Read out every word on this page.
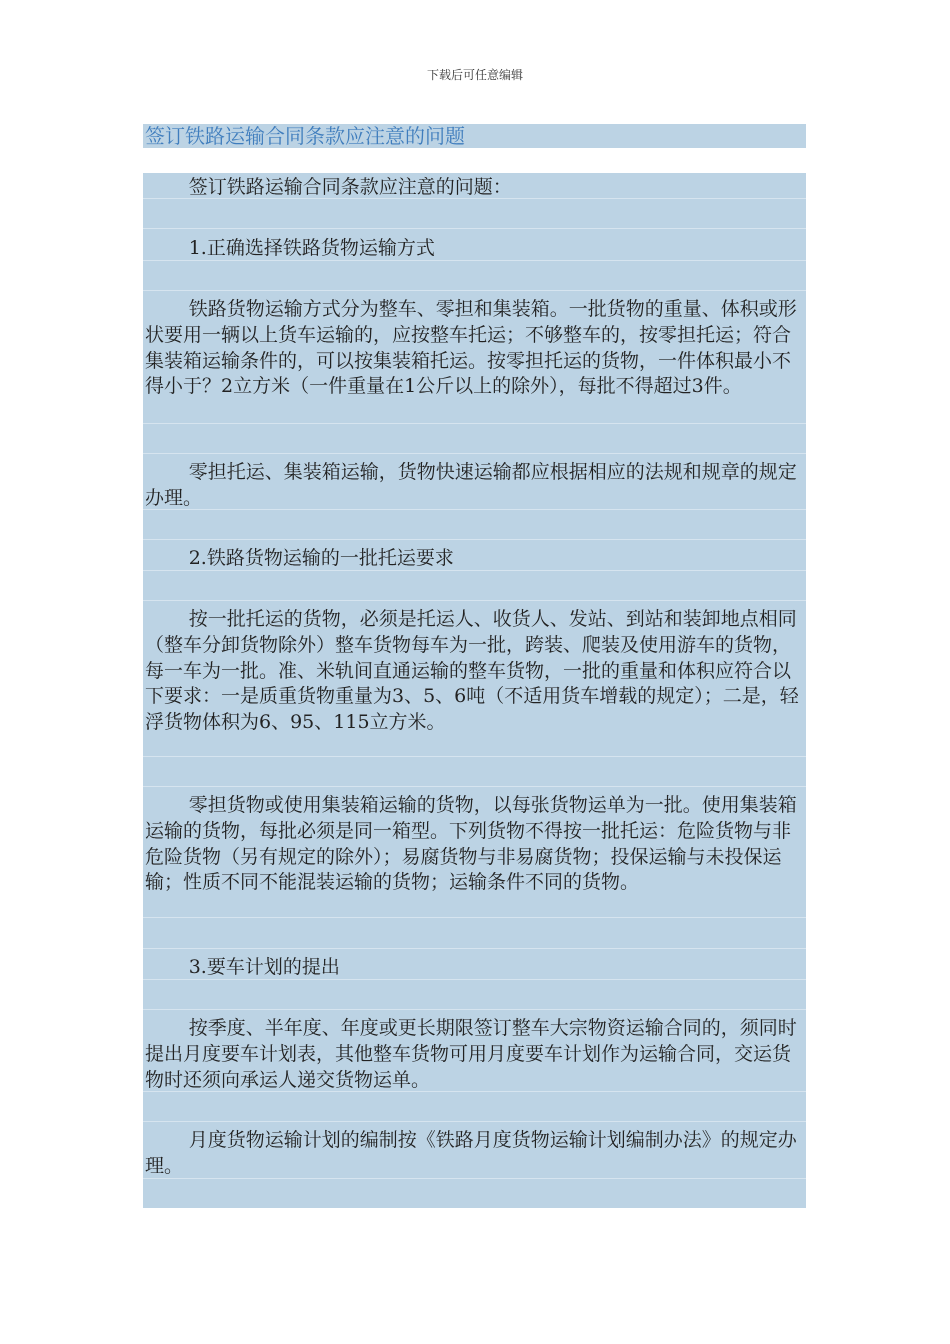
下载后可任意编辑
签订铁路运输合同条款应注意的问题
签订铁路运输合同条款应注意的问题：
1.正确选择铁路货物运输方式
铁路货物运输方式分为整车、零担和集装箱。一批货物的重量、体积或形状要用一辆以上货车运输的，应按整车托运；不够整车的，按零担托运；符合集装箱运输条件的，可以按集装箱托运。按零担托运的货物，一件体积最小不得小于？2立方米（一件重量在1公斤以上的除外），每批不得超过3件。
零担托运、集装箱运输，货物快速运输都应根据相应的法规和规章的规定办理。
2.铁路货物运输的一批托运要求
按一批托运的货物，必须是托运人、收货人、发站、到站和装卸地点相同（整车分卸货物除外）整车货物每车为一批，跨装、爬装及使用游车的货物，每一车为一批。准、米轨间直通运输的整车货物，一批的重量和体积应符合以下要求：一是质重货物重量为3、5、6吨（不适用货车增载的规定）；二是，轻浮货物体积为6、95、115立方米。
零担货物或使用集装箱运输的货物，以每张货物运单为一批。使用集装箱运输的货物，每批必须是同一箱型。下列货物不得按一批托运：危险货物与非危险货物（另有规定的除外）；易腐货物与非易腐货物；投保运输与未投保运输；性质不同不能混装运输的货物；运输条件不同的货物。
3.要车计划的提出
按季度、半年度、年度或更长期限签订整车大宗物资运输合同的，须同时提出月度要车计划表，其他整车货物可用月度要车计划作为运输合同，交运货物时还须向承运人递交货物运单。
月度货物运输计划的编制按《铁路月度货物运输计划编制办法》的规定办理。
